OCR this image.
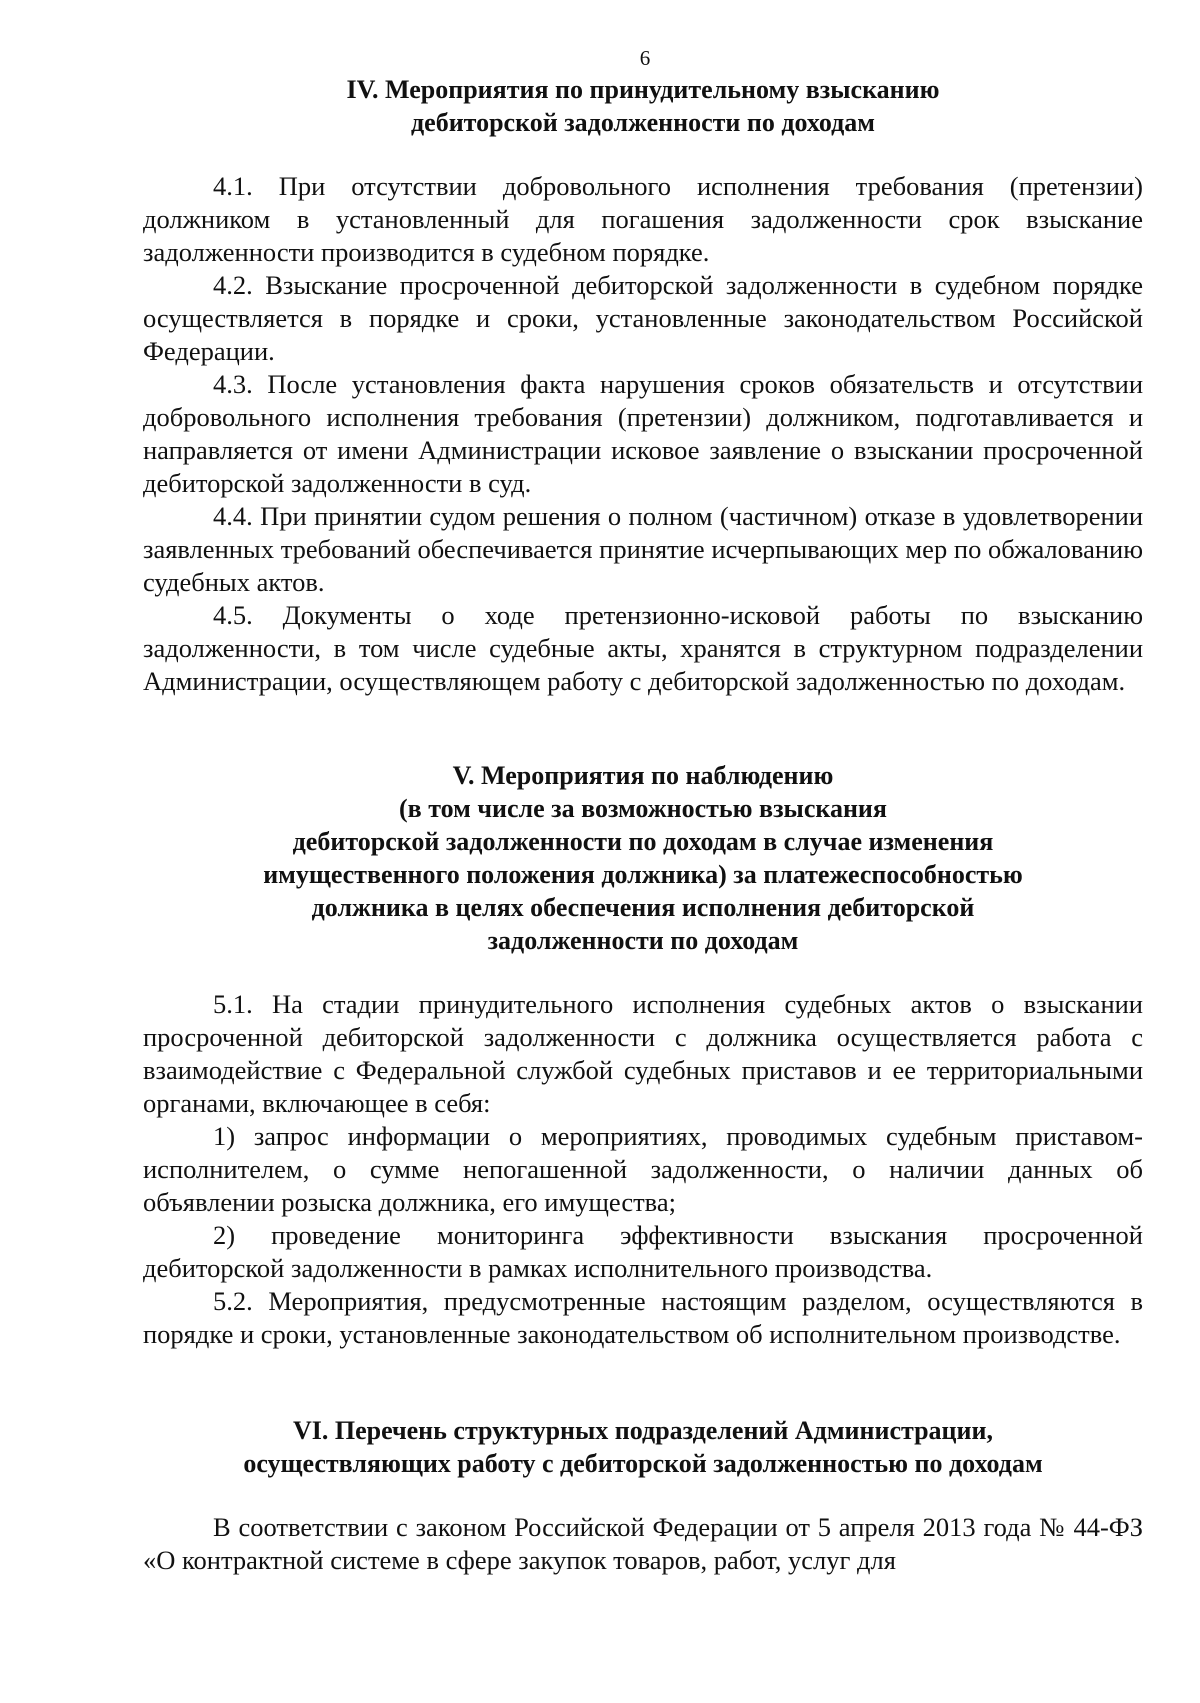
6
IV. Мероприятия по принудительному взысканию
дебиторской задолженности по доходам

4.1. При отсутствии добровольного исполнения требования (претензии) должником в установленный для погашения задолженности срок взыскание задолженности производится в судебном порядке.

4.2. Взыскание просроченной дебиторской задолженности в судебном порядке осуществляется в порядке и сроки, установленные законодательством Российской Федерации.

4.3. После установления факта нарушения сроков обязательств и отсутствии добровольного исполнения требования (претензии) должником, подготавливается и направляется от имени Администрации исковое заявление о взыскании просроченной дебиторской задолженности в суд.

4.4. При принятии судом решения о полном (частичном) отказе в удовлетворении заявленных требований обеспечивается принятие исчерпывающих мер по обжалованию судебных актов.

4.5. Документы о ходе претензионно-исковой работы по взысканию задолженности, в том числе судебные акты, хранятся в структурном подразделении Администрации, осуществляющем работу с дебиторской задолженностью по доходам.

V. Мероприятия по наблюдению
(в том числе за возможностью взыскания
дебиторской задолженности по доходам в случае изменения
имущественного положения должника) за платежеспособностью
должника в целях обеспечения исполнения дебиторской
задолженности по доходам

5.1. На стадии принудительного исполнения судебных актов о взыскании просроченной дебиторской задолженности с должника осуществляется работа с взаимодействие с Федеральной службой судебных приставов и ее территориальными органами, включающее в себя:

1) запрос информации о мероприятиях, проводимых судебным приставом-исполнителем, о сумме непогашенной задолженности, о наличии данных об объявлении розыска должника, его имущества;

2) проведение мониторинга эффективности взыскания просроченной дебиторской задолженности в рамках исполнительного производства.

5.2. Мероприятия, предусмотренные настоящим разделом, осуществляются в порядке и сроки, установленные законодательством об исполнительном производстве.

VI. Перечень структурных подразделений Администрации,
осуществляющих работу с дебиторской задолженностью по доходам

В соответствии с законом Российской Федерации от 5 апреля 2013 года № 44-ФЗ «О контрактной системе в сфере закупок товаров, работ, услуг для
